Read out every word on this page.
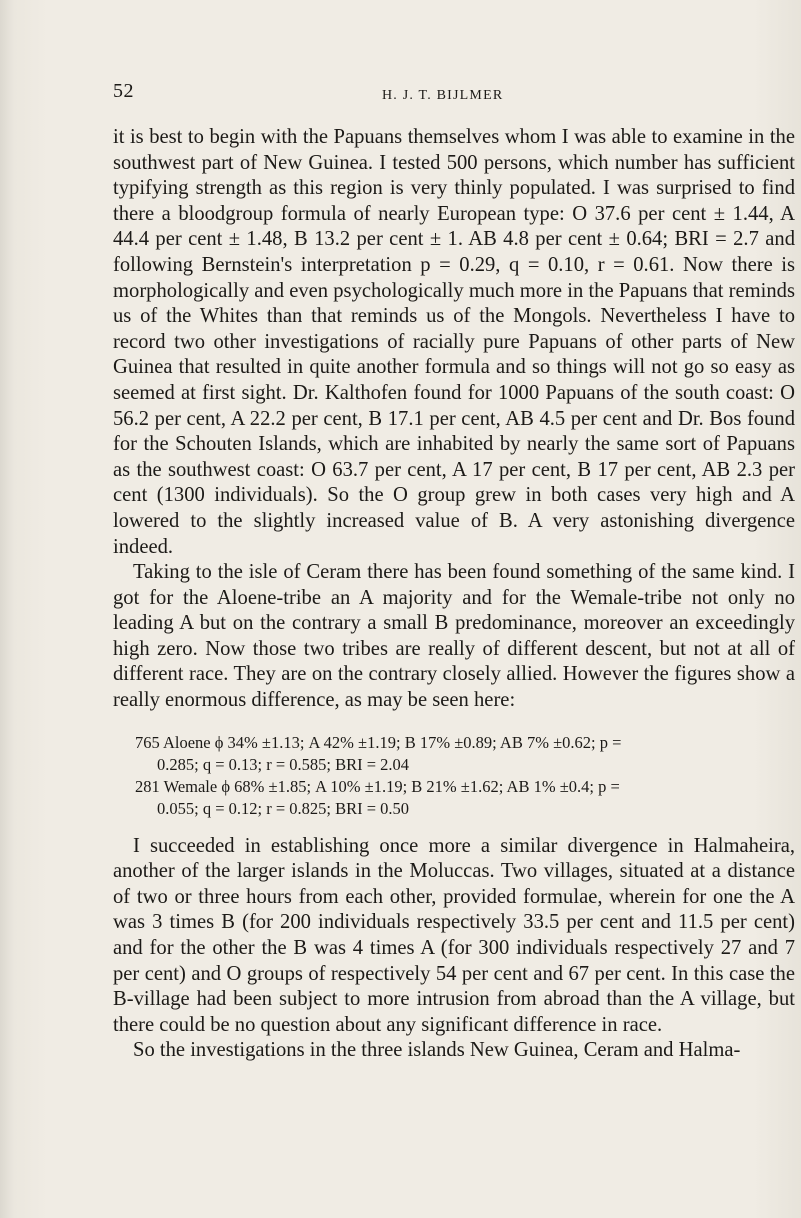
52	H. J. T. BIJLMER

it is best to begin with the Papuans themselves whom I was able to examine in the southwest part of New Guinea. I tested 500 persons, which number has sufficient typifying strength as this region is very thinly populated. I was surprised to find there a bloodgroup formula of nearly European type: O 37.6 per cent ± 1.44, A 44.4 per cent ± 1.48, B 13.2 per cent ± 1. AB 4.8 per cent ± 0.64; BRI = 2.7 and following Bernstein's interpretation p = 0.29, q = 0.10, r = 0.61. Now there is morphologically and even psychologically much more in the Papuans that reminds us of the Whites than that reminds us of the Mongols. Nevertheless I have to record two other investigations of racially pure Papuans of other parts of New Guinea that resulted in quite another formula and so things will not go so easy as seemed at first sight. Dr. Kalthofen found for 1000 Papuans of the south coast: O 56.2 per cent, A 22.2 per cent, B 17.1 per cent, AB 4.5 per cent and Dr. Bos found for the Schouten Islands, which are inhabited by nearly the same sort of Papuans as the southwest coast: O 63.7 per cent, A 17 per cent, B 17 per cent, AB 2.3 per cent (1300 individuals). So the O group grew in both cases very high and A lowered to the slightly increased value of B. A very astonishing divergence indeed.

Taking to the isle of Ceram there has been found something of the same kind. I got for the Aloene-tribe an A majority and for the Wemale-tribe not only no leading A but on the contrary a small B predominance, moreover an exceedingly high zero. Now those two tribes are really of different descent, but not at all of different race. They are on the contrary closely allied. However the figures show a really enormous difference, as may be seen here:

765 Aloene ϕ 34% ±1.13; A 42% ±1.19; B 17% ±0.89; AB 7% ±0.62; p =
0.285; q = 0.13; r = 0.585; BRI = 2.04
281 Wemale ϕ 68% ±1.85; A 10% ±1.19; B 21% ±1.62; AB 1% ±0.4; p =
0.055; q = 0.12; r = 0.825; BRI = 0.50

I succeeded in establishing once more a similar divergence in Halmaheira, another of the larger islands in the Moluccas. Two villages, situated at a distance of two or three hours from each other, provided formulae, wherein for one the A was 3 times B (for 200 individuals respectively 33.5 per cent and 11.5 per cent) and for the other the B was 4 times A (for 300 individuals respectively 27 and 7 per cent) and O groups of respectively 54 per cent and 67 per cent. In this case the B-village had been subject to more intrusion from abroad than the A village, but there could be no question about any significant difference in race.

So the investigations in the three islands New Guinea, Ceram and Halma-
